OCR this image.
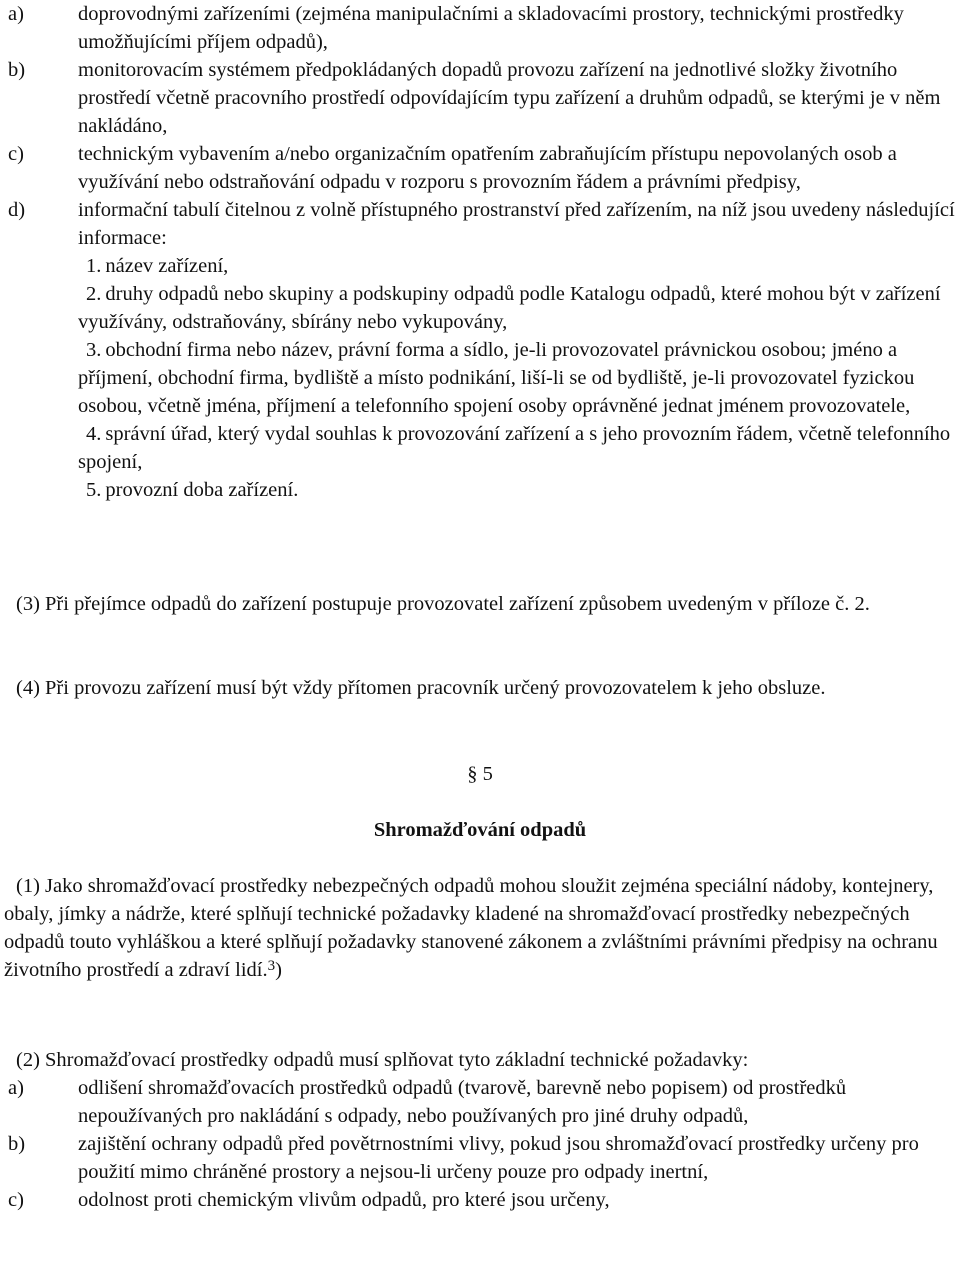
a)	doprovodnými zařízeními (zejména manipulačními a skladovacími prostory, technickými prostředky umožňujícími příjem odpadů),
b)	monitorovacím systémem předpokládaných dopadů provozu zařízení na jednotlivé složky životního prostředí včetně pracovního prostředí odpovídajícím typu zařízení a druhům odpadů, se kterými je v něm nakládáno,
c)	technickým vybavením a/nebo organizačním opatřením zabraňujícím přístupu nepovolaných osob a využívání nebo odstraňování odpadu v rozporu s provozním řádem a právními předpisy,
d)	informační tabulí čitelnou z volně přístupného prostranství před zařízením, na níž jsou uvedeny následující informace:
1. název zařízení,
2. druhy odpadů nebo skupiny a podskupiny odpadů podle Katalogu odpadů, které mohou být v zařízení využívány, odstraňovány, sbírány nebo vykupovány,
3. obchodní firma nebo název, právní forma a sídlo, je-li provozovatel právnickou osobou; jméno a příjmení, obchodní firma, bydliště a místo podnikání, liší-li se od bydliště, je-li provozovatel fyzickou osobou, včetně jména, příjmení a telefonního spojení osoby oprávněné jednat jménem provozovatele,
4. správní úřad, který vydal souhlas k provozování zařízení a s jeho provozním řádem, včetně telefonního spojení,
5. provozní doba zařízení.
(3) Při přejímce odpadů do zařízení postupuje provozovatel zařízení způsobem uvedeným v příloze č. 2.
(4) Při provozu zařízení musí být vždy přítomen pracovník určený provozovatelem k jeho obsluze.
§ 5
Shromažďování odpadů
(1) Jako shromažďovací prostředky nebezpečných odpadů mohou sloužit zejména speciální nádoby, kontejnery, obaly, jímky a nádrže, které splňují technické požadavky kladené na shromažďovací prostředky nebezpečných odpadů touto vyhláškou a které splňují požadavky stanovené zákonem a zvláštními právními předpisy na ochranu životního prostředí a zdraví lidí.$^3$)
(2) Shromažďovací prostředky odpadů musí splňovat tyto základní technické požadavky:
a)	odlišení shromažďovacích prostředků odpadů (tvarově, barevně nebo popisem) od prostředků nepoužívaných pro nakládání s odpady, nebo používaných pro jiné druhy odpadů,
b)	zajištění ochrany odpadů před povětrnostními vlivy, pokud jsou shromažďovací prostředky určeny pro použití mimo chráněné prostory a nejsou-li určeny pouze pro odpady inertní,
c)	odolnost proti chemickým vlivům odpadů, pro které jsou určeny,
